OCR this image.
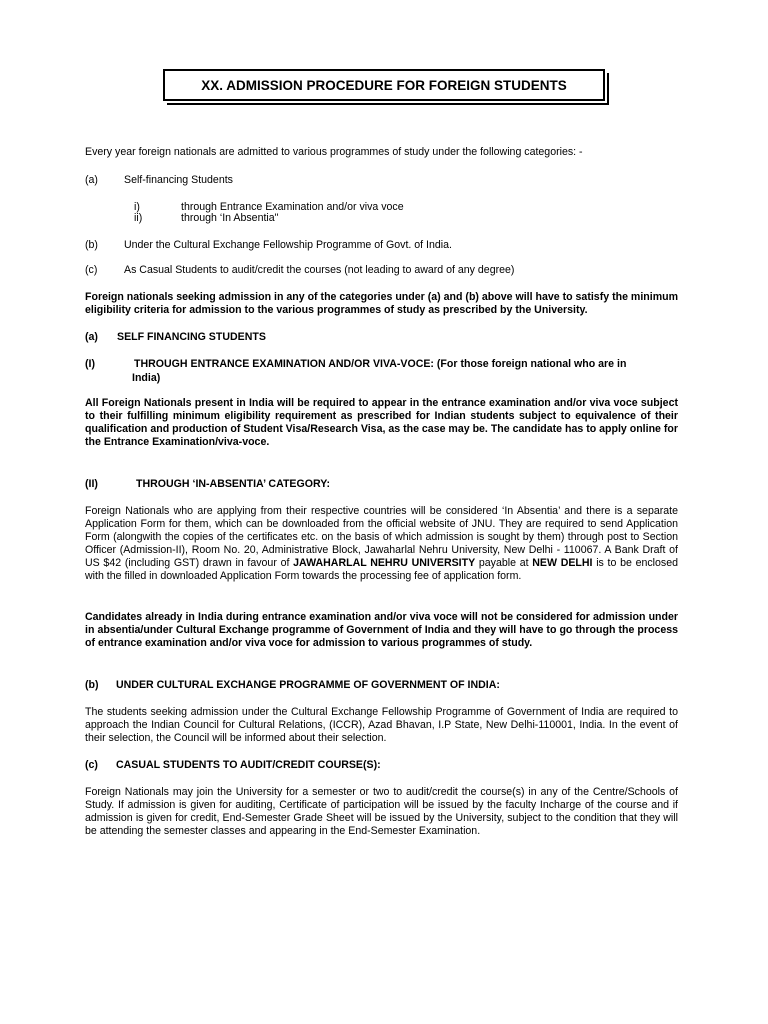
XX. ADMISSION PROCEDURE FOR FOREIGN STUDENTS
Every year foreign nationals are admitted to various programmes of study under the following categories: -
(a) Self-financing Students
i)	through Entrance Examination and/or viva voce
ii)	through ‘In Absentia"
(b) Under the Cultural Exchange Fellowship Programme of Govt. of India.
(c)	As Casual Students to audit/credit the courses (not leading to award of any degree)
Foreign nationals seeking admission in any of the categories under (a) and (b) above will have to satisfy the minimum eligibility criteria for admission to the various programmes of study as prescribed by the University.
(a) SELF FINANCING STUDENTS
(I)	THROUGH ENTRANCE EXAMINATION AND/OR VIVA-VOCE: (For those foreign national who are in
India)
All Foreign Nationals present in India will be required to appear in the entrance examination and/or viva voce subject to their fulfilling minimum eligibility requirement as prescribed for Indian students subject to equivalence of their qualification and production of Student Visa/Research Visa, as the case may be. The candidate has to apply online for the Entrance Examination/viva-voce.
(II)	THROUGH ‘IN-ABSENTIA’ CATEGORY:
Foreign Nationals who are applying from their respective countries will be considered ‘In Absentia’ and there is a separate Application Form for them, which can be downloaded from the official website of JNU. They are required to send Application Form (alongwith the copies of the certificates etc. on the basis of which admission is sought by them) through post to Section Officer (Admission-II), Room No. 20, Administrative Block, Jawaharlal Nehru University, New Delhi - 110067. A Bank Draft of US $42 (including GST) drawn in favour of JAWAHARLAL NEHRU UNIVERSITY payable at NEW DELHI is to be enclosed with the filled in downloaded Application Form towards the processing fee of application form.
Candidates already in India during entrance examination and/or viva voce will not be considered for admission under in absentia/under Cultural Exchange programme of Government of India and they will have to go through the process of entrance examination and/or viva voce for admission to various programmes of study.
(b) UNDER CULTURAL EXCHANGE PROGRAMME OF GOVERNMENT OF INDIA:
The students seeking admission under the Cultural Exchange Fellowship Programme of Government of India are required to approach the Indian Council for Cultural Relations, (ICCR), Azad Bhavan, I.P State, New Delhi-110001, India. In the event of their selection, the Council will be informed about their selection.
(c) CASUAL STUDENTS TO AUDIT/CREDIT COURSE(S):
Foreign Nationals may join the University for a semester or two to audit/credit the course(s) in any of the Centre/Schools of Study. If admission is given for auditing, Certificate of participation will be issued by the faculty Incharge of the course and if admission is given for credit, End-Semester Grade Sheet will be issued by the University, subject to the condition that they will be attending the semester classes and appearing in the End-Semester Examination.
